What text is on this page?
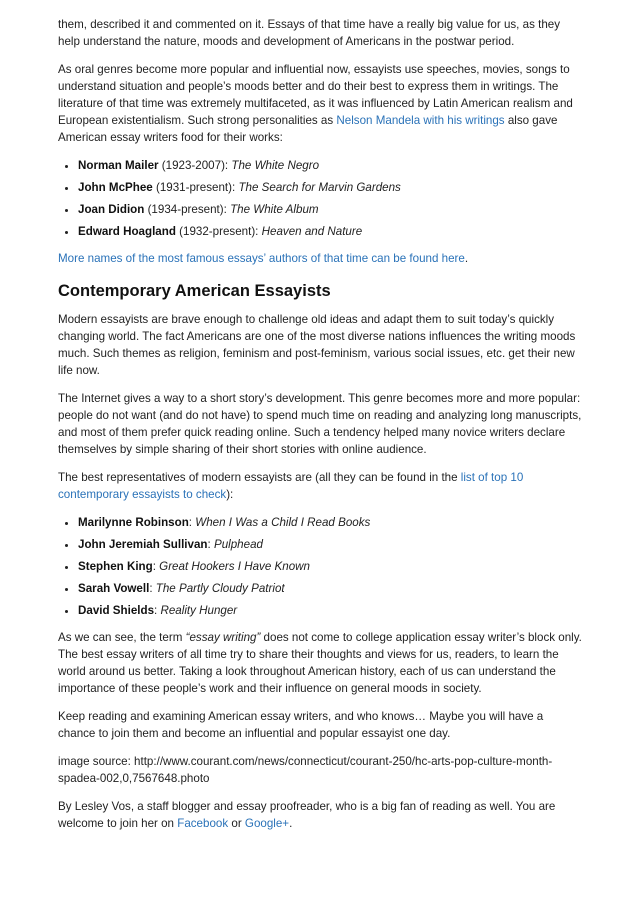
them, described it and commented on it. Essays of that time have a really big value for us, as they help understand the nature, moods and development of Americans in the postwar period.

As oral genres become more popular and influential now, essayists use speeches, movies, songs to understand situation and people’s moods better and do their best to express them in writings. The literature of that time was extremely multifaceted, as it was influenced by Latin American realism and European existentialism. Such strong personalities as Nelson Mandela with his writings also gave American essay writers food for their works:

• Norman Mailer (1923-2007): The White Negro
• John McPhee (1931-present): The Search for Marvin Gardens
• Joan Didion (1934-present): The White Album
• Edward Hoagland (1932-present): Heaven and Nature

More names of the most famous essays’ authors of that time can be found here.

Contemporary American Essayists

Modern essayists are brave enough to challenge old ideas and adapt them to suit today’s quickly changing world. The fact Americans are one of the most diverse nations influences the writing moods much. Such themes as religion, feminism and post-feminism, various social issues, etc. get their new life now.

The Internet gives a way to a short story’s development. This genre becomes more and more popular: people do not want (and do not have) to spend much time on reading and analyzing long manuscripts, and most of them prefer quick reading online. Such a tendency helped many novice writers declare themselves by simple sharing of their short stories with online audience.

The best representatives of modern essayists are (all they can be found in the list of top 10 contemporary essayists to check):

• Marilynne Robinson: When I Was a Child I Read Books
• John Jeremiah Sullivan: Pulphead
• Stephen King: Great Hookers I Have Known
• Sarah Vowell: The Partly Cloudy Patriot
• David Shields: Reality Hunger

As we can see, the term “essay writing” does not come to college application essay writer’s block only. The best essay writers of all time try to share their thoughts and views for us, readers, to learn the world around us better. Taking a look throughout American history, each of us can understand the importance of these people’s work and their influence on general moods in society.

Keep reading and examining American essay writers, and who knows… Maybe you will have a chance to join them and become an influential and popular essayist one day.

image source: http://www.courant.com/news/connecticut/courant-250/hc-arts-pop-culture-month-spadea-002,0,7567648.photo

By Lesley Vos, a staff blogger and essay proofreader, who is a big fan of reading as well. You are welcome to join her on Facebook or Google+.
